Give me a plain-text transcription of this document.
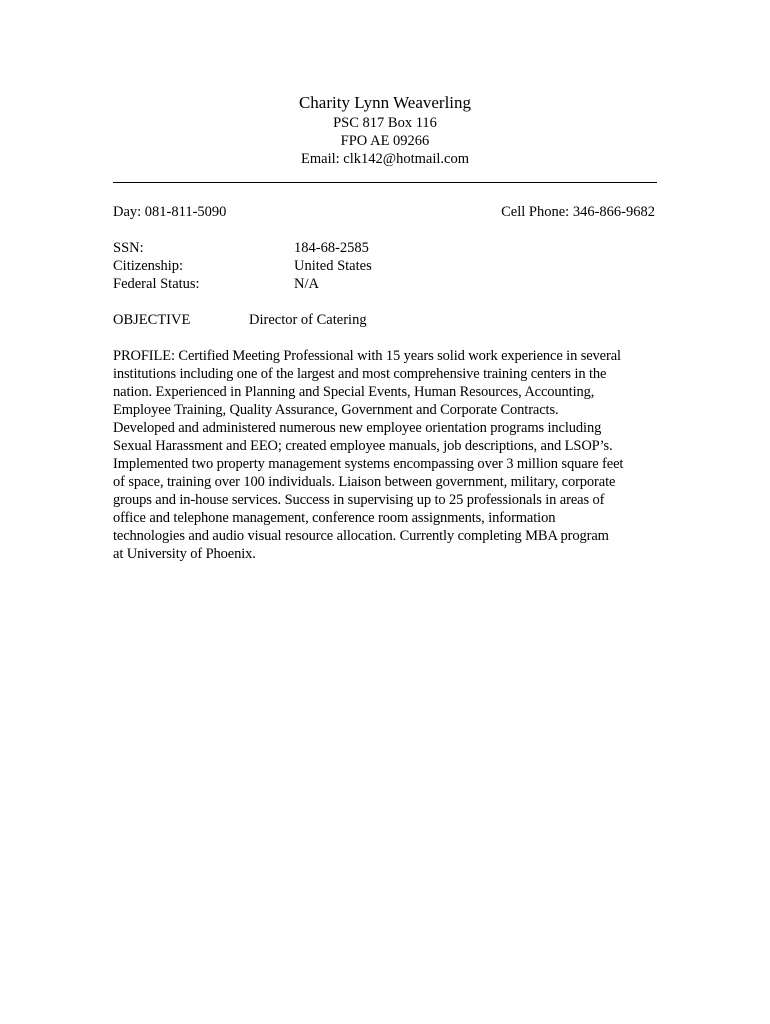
Charity Lynn Weaverling
PSC 817 Box 116
FPO AE 09266
Email: clk142@hotmail.com
Day: 081-811-5090	Cell Phone: 346-866-9682
SSN:	184-68-2585
Citizenship:	United States
Federal Status:	N/A
OBJECTIVE	Director of Catering

PROFILE: Certified Meeting Professional with 15 years solid work experience in several
institutions including one of the largest and most comprehensive training centers in the
nation. Experienced in Planning and Special Events, Human Resources, Accounting,
Employee Training, Quality Assurance, Government and Corporate Contracts.
Developed and administered numerous new employee orientation programs including
Sexual Harassment and EEO; created employee manuals, job descriptions, and LSOP’s.
Implemented two property management systems encompassing over 3 million square feet
of space, training over 100 individuals. Liaison between government, military, corporate
groups and in-house services. Success in supervising up to 25 professionals in areas of
office and telephone management, conference room assignments, information
technologies and audio visual resource allocation. Currently completing MBA program
at University of Phoenix.
